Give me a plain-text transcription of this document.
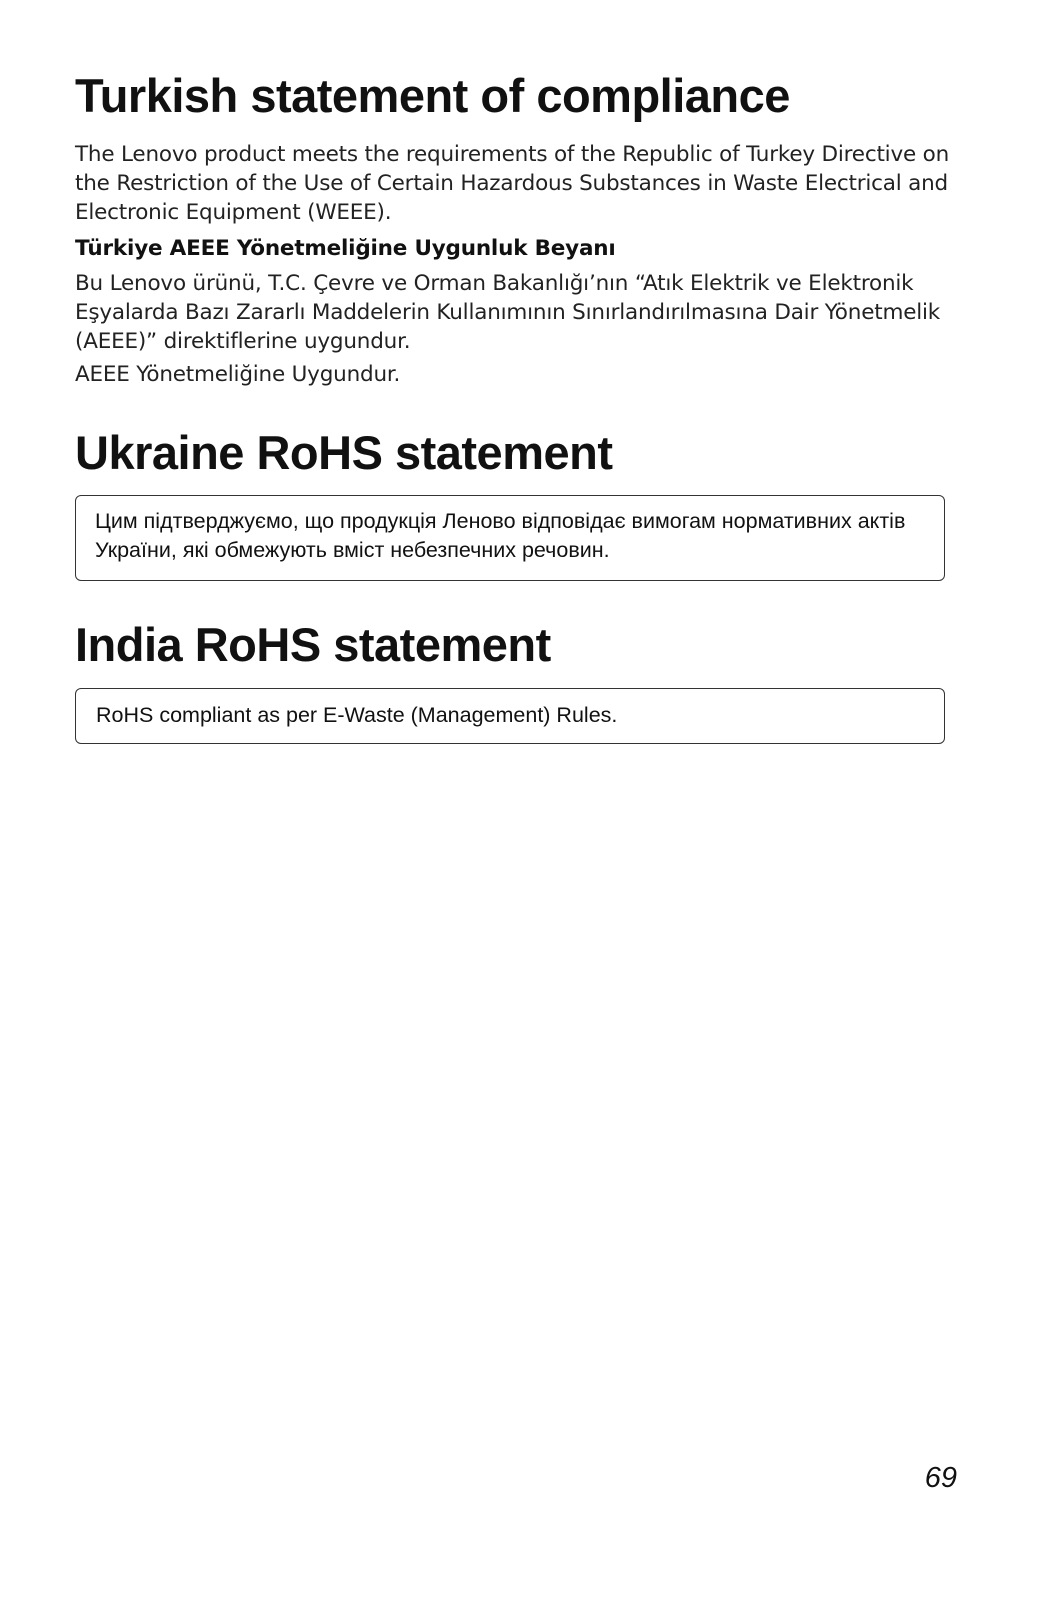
Turkish statement of compliance

The Lenovo product meets the requirements of the Republic of Turkey Directive on the Restriction of the Use of Certain Hazardous Substances in Waste Electrical and Electronic Equipment (WEEE).

Türkiye AEEE Yönetmeliğine Uygunluk Beyanı

Bu Lenovo ürünü, T.C. Çevre ve Orman Bakanlığı’nın “Atık Elektrik ve Elektronik Eşyalarda Bazı Zararlı Maddelerin Kullanımının Sınırlandırılmasına Dair Yönetmelik (AEEE)” direktiflerine uygundur.

AEEE Yönetmeliğine Uygundur.

Ukraine RoHS statement
Цим підтверджуємо, що продукція Леново відповідає вимогам нормативних актів України, які обмежують вміст небезпечних речовин.
India RoHS statement
RoHS compliant as per E-Waste (Management) Rules.
69
